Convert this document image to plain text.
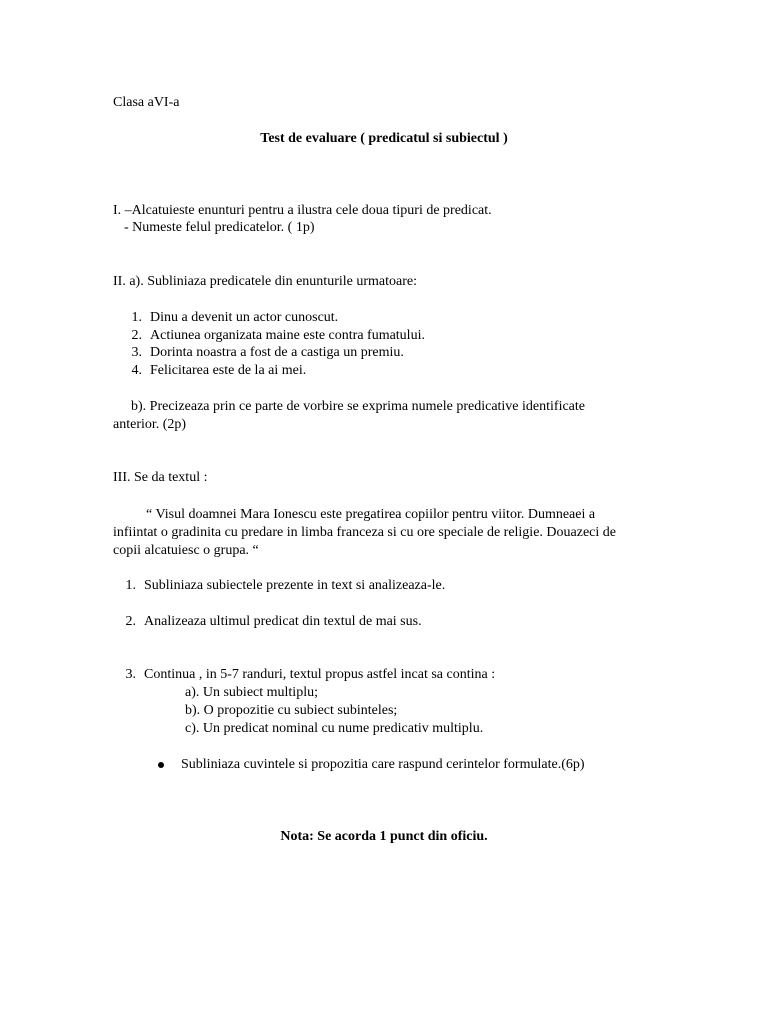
Clasa aVI-a
Test de evaluare ( predicatul si subiectul )
I. –Alcatuieste enunturi pentru a ilustra cele doua tipuri de predicat.
- Numeste felul predicatelor. ( 1p)
II. a). Subliniaza predicatele din enunturile urmatoare:
1. Dinu a devenit un actor cunoscut.
2. Actiunea organizata maine este contra fumatului.
3. Dorinta noastra a fost de a castiga un premiu.
4. Felicitarea este de la ai mei.
b). Precizeaza prin ce parte de vorbire se exprima numele predicative identificate
anterior. (2p)
III. Se da textul :
“ Visul doamnei Mara Ionescu este pregatirea copiilor pentru viitor. Dumneaei a
infiintat o gradinita cu predare in limba franceza si cu ore speciale de religie. Douazeci de
copii alcatuiesc o grupa. “
1. Subliniaza subiectele prezente in text si analizeaza-le.
2. Analizeaza ultimul predicat din textul de mai sus.
3. Continua , in 5-7 randuri, textul propus astfel incat sa contina :
a). Un subiect multiplu;
b). O propozitie cu subiect subinteles;
c). Un predicat nominal cu nume predicativ multiplu.
Subliniaza cuvintele si propozitia care raspund cerintelor formulate.(6p)
Nota: Se acorda 1 punct din oficiu.
